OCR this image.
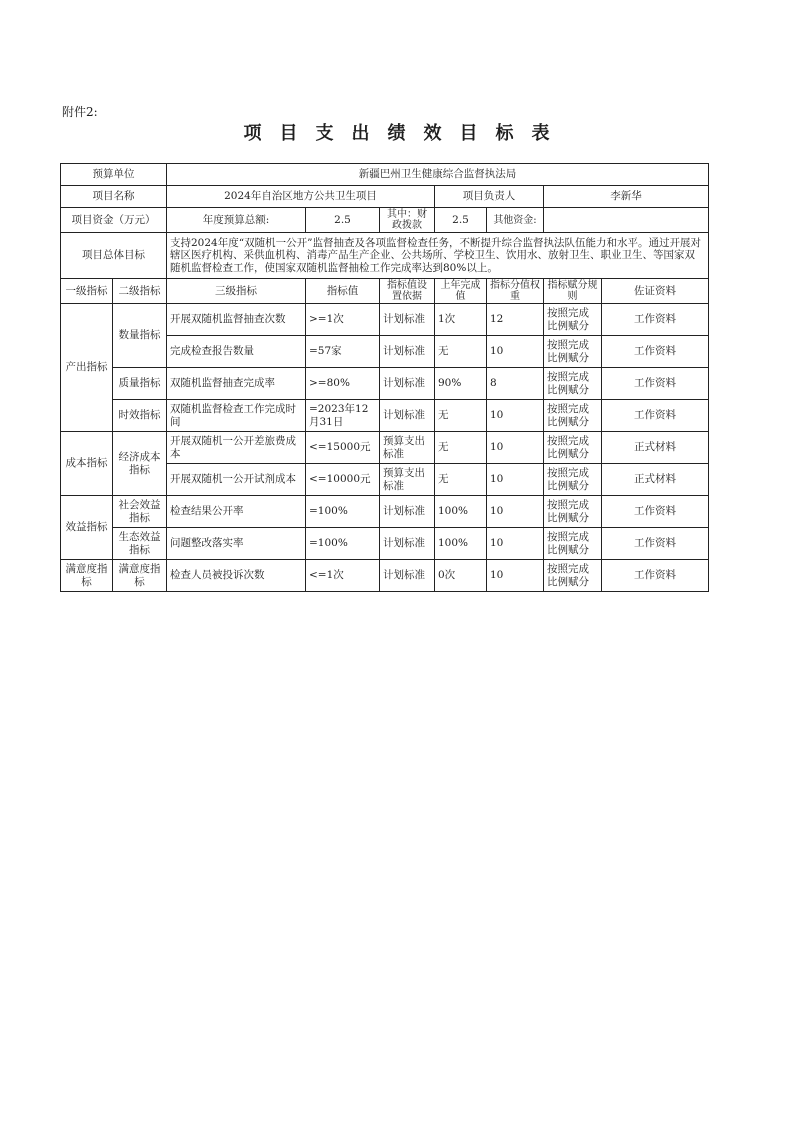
附件2:
项目支出绩效目标表
预算单位		新疆巴州卫生健康综合监督执法局						
项目名称		2024年自治区地方公共卫生项目			项目负责人		李新华	
项目资金（万元）		年度预算总额:	2.5	其中：财政拨款	2.5	其他资金:		
项目总体目标		支持2024年度“双随机一公开”监督抽查及各项监督检查任务，不断提升综合监督执法队伍能力和水平。通过开展对辖区医疗机构、采供血机构、消毒产品生产企业、公共场所、学校卫生、饮用水、放射卫生、职业卫生、等国家双随机监督检查工作，使国家双随机监督抽检工作完成率达到80%以上。						
一级指标	二级指标	三级指标	指标值	指标值设置依据	上年完成值	指标分值权重	指标赋分规则	佐证资料
产出指标	数量指标	开展双随机监督抽查次数	>=1次	计划标准	1次	12	按照完成比例赋分	工作资料
		完成检查报告数量	=57家	计划标准	无	10	按照完成比例赋分	工作资料
	质量指标	双随机监督抽查完成率	>=80%	计划标准	90%	8	按照完成比例赋分	工作资料
	时效指标	双随机监督检查工作完成时间	=2023年12月31日	计划标准	无	10	按照完成比例赋分	工作资料
成本指标	经济成本指标	开展双随机一公开差旅费成本	<=15000元	预算支出标准	无	10	按照完成比例赋分	正式材料
		开展双随机一公开试剂成本	<=10000元	预算支出标准	无	10	按照完成比例赋分	正式材料
效益指标	社会效益指标	检查结果公开率	=100%	计划标准	100%	10	按照完成比例赋分	工作资料
	生态效益指标	问题整改落实率	=100%	计划标准	100%	10	按照完成比例赋分	工作资料
满意度指标	满意度指标	检查人员被投诉次数	<=1次	计划标准	0次	10	按照完成比例赋分	工作资料
